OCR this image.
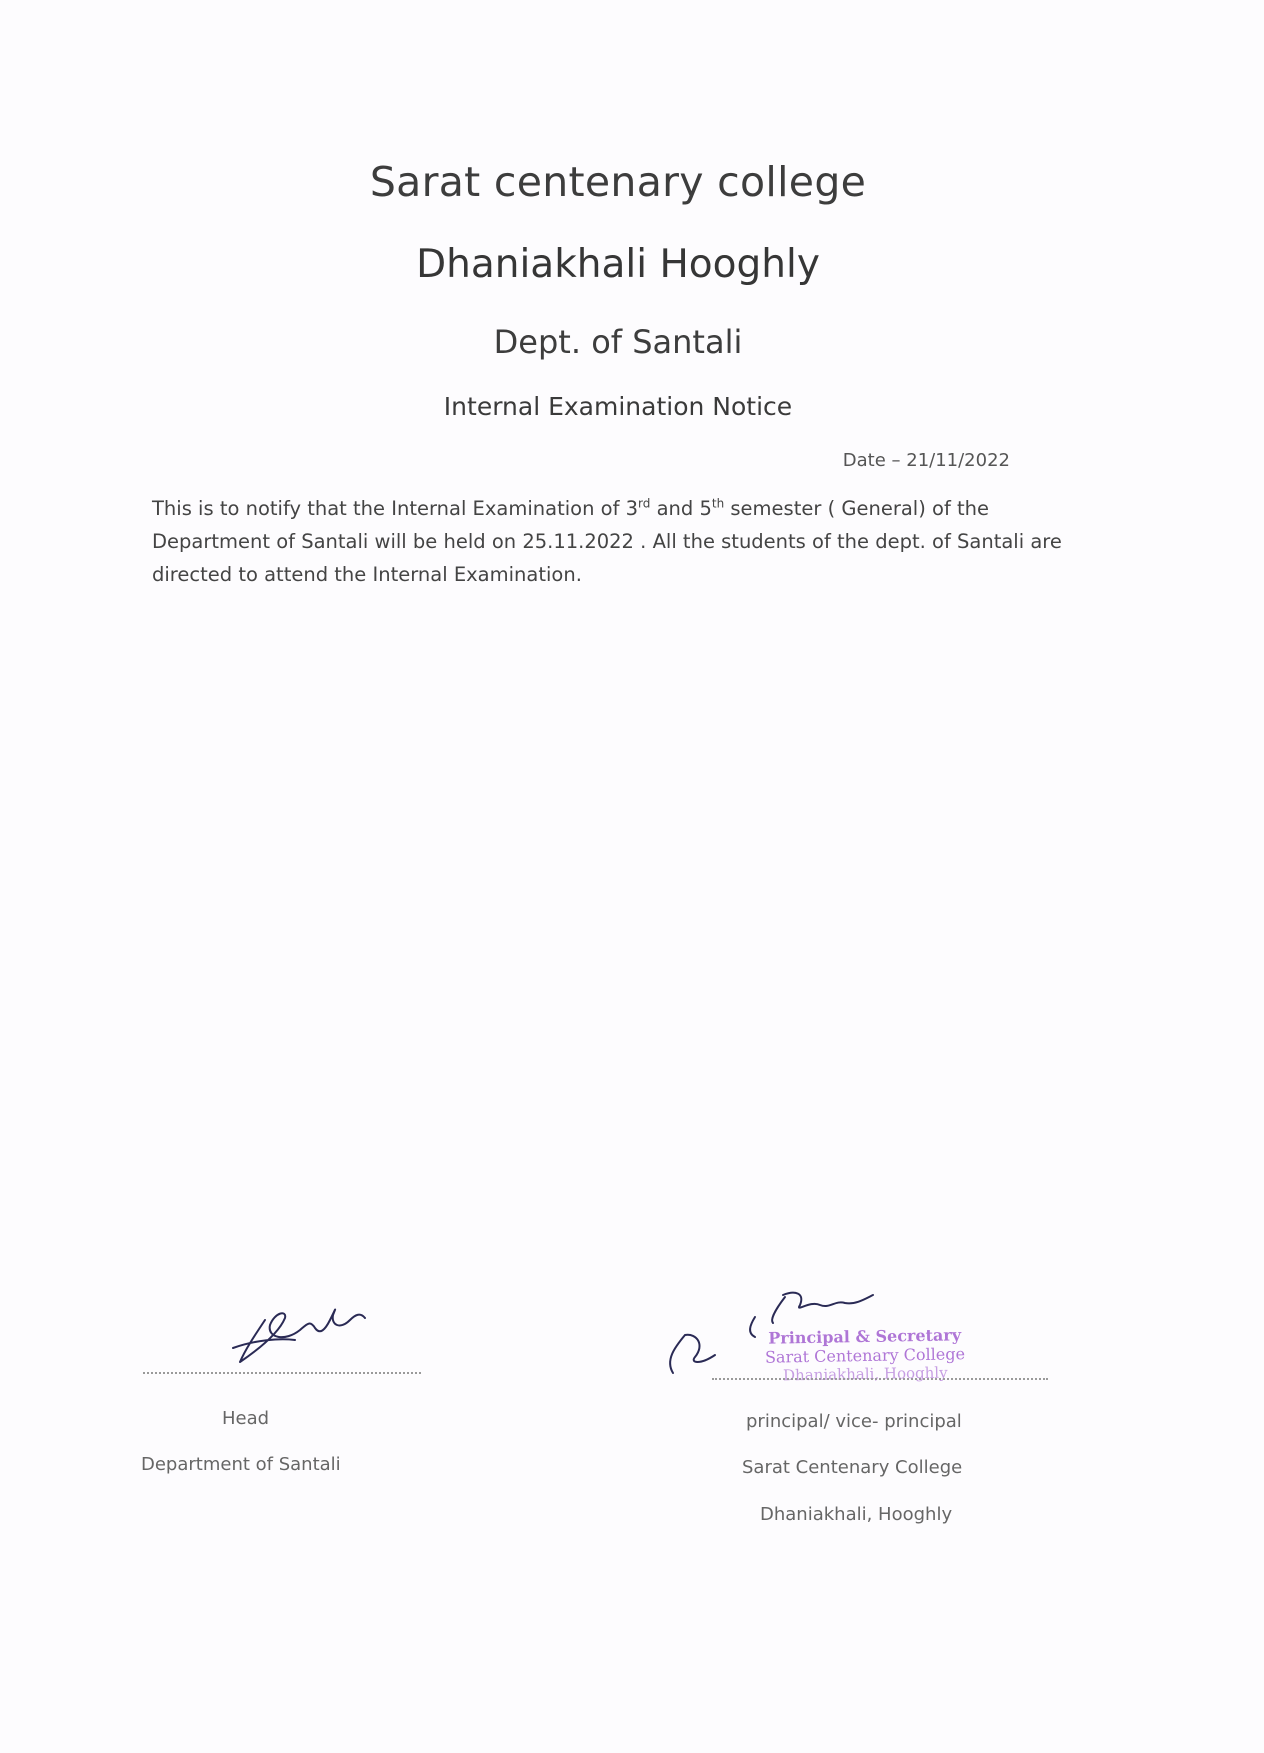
Sarat centenary college
Dhaniakhali Hooghly
Dept. of Santali
Internal Examination Notice
Date – 21/11/2022
This is to notify that the Internal Examination of 3rd and 5th semester ( General) of the Department of Santali will be held on 25.11.2022 . All the students of the dept. of Santali are directed to attend the Internal Examination.
Head
Department of Santali
Principal & Secretary
Sarat Centenary College
Dhaniakhali, Hooghly
principal/ vice- principal
Sarat Centenary College
Dhaniakhali, Hooghly
